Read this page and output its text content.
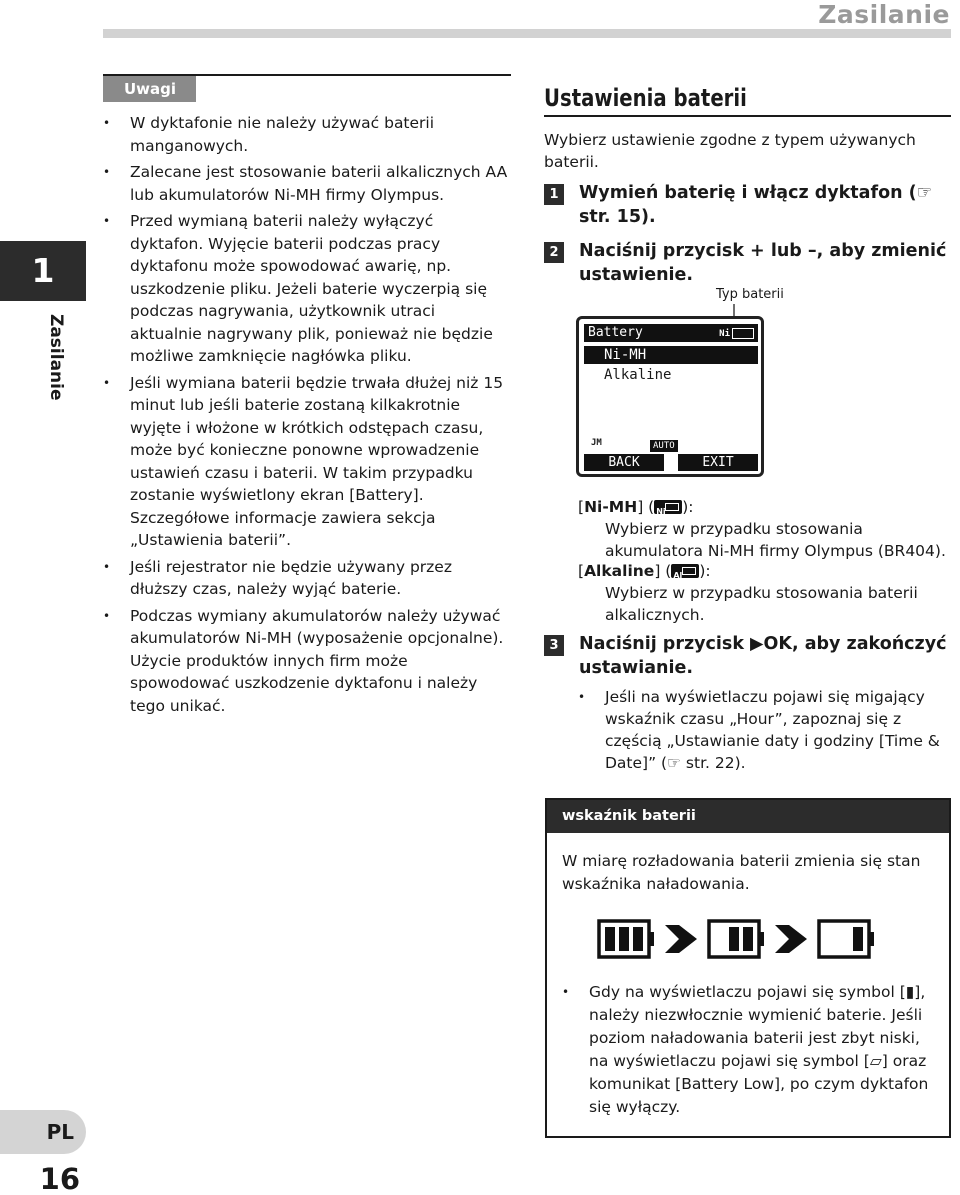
Zasilanie
1
Zasilanie
PL
16
Uwagi
• W dyktafonie nie należy używać baterii manganowych.
• Zalecane jest stosowanie baterii alkalicznych AA lub akumulatorów Ni-MH firmy Olympus.
• Przed wymianą baterii należy wyłączyć dyktafon. Wyjęcie baterii podczas pracy dyktafonu może spowodować awarię, np. uszkodzenie pliku. Jeżeli baterie wyczerpią się podczas nagrywania, użytkownik utraci aktualnie nagrywany plik, ponieważ nie będzie możliwe zamknięcie nagłówka pliku.
• Jeśli wymiana baterii będzie trwała dłużej niż 15 minut lub jeśli baterie zostaną kilkakrotnie wyjęte i włożone w krótkich odstępach czasu, może być konieczne ponowne wprowadzenie ustawień czasu i baterii. W takim przypadku zostanie wyświetlony ekran [Battery]. Szczegółowe informacje zawiera sekcja „Ustawienia baterii”.
• Jeśli rejestrator nie będzie używany przez dłuższy czas, należy wyjąć baterie.
• Podczas wymiany akumulatorów należy używać akumulatorów Ni-MH (wyposażenie opcjonalne). Użycie produktów innych firm może spowodować uszkodzenie dyktafonu i należy tego unikać.
Ustawienia baterii
Wybierz ustawienie zgodne z typem używanych baterii.
1	Wymień baterię i włącz dyktafon (☞ str. 15).
2	Naciśnij przycisk + lub –, aby zmienić ustawienie.
Typ baterii
Battery	Ni
Ni-MH
Alkaline
JM	AUTO
BACK	EXIT
[Ni-MH] ( Ni ):
Wybierz w przypadku stosowania akumulatora Ni-MH firmy Olympus (BR404).
[Alkaline] ( Al ):
Wybierz w przypadku stosowania baterii alkalicznych.
3	Naciśnij przycisk ▶OK, aby zakończyć ustawianie.
• Jeśli na wyświetlaczu pojawi się migający wskaźnik czasu „Hour”, zapoznaj się z częścią „Ustawianie daty i godziny [Time & Date]” (☞ str. 22).
wskaźnik baterii
W miarę rozładowania baterii zmienia się stan wskaźnika naładowania.
• Gdy na wyświetlaczu pojawi się symbol [▮], należy niezwłocznie wymienić baterie. Jeśli poziom naładowania baterii jest zbyt niski, na wyświetlaczu pojawi się symbol [▱] oraz komunikat [Battery Low], po czym dyktafon się wyłączy.
